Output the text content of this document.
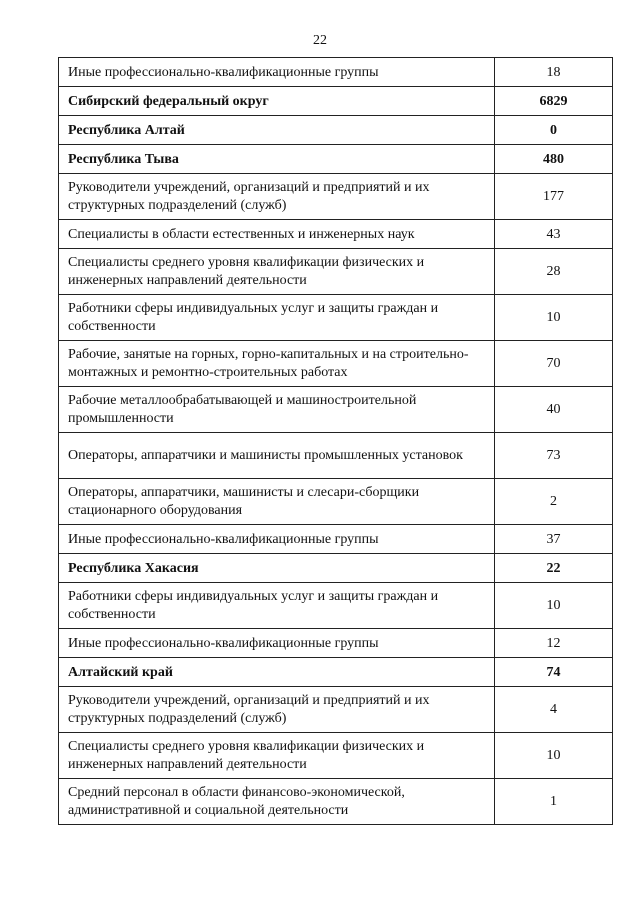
22
Иные профессионально-квалификационные группы	18
Сибирский федеральный округ	6829
Республика Алтай	0
Республика Тыва	480
Руководители учреждений, организаций и предприятий и их структурных подразделений (служб)	177
Специалисты в области естественных и инженерных наук	43
Специалисты среднего уровня квалификации физических и инженерных направлений деятельности	28
Работники сферы индивидуальных услуг и защиты граждан и собственности	10
Рабочие, занятые на горных, горно-капитальных и на строительно-монтажных и ремонтно-строительных работах	70
Рабочие металлообрабатывающей и машиностроительной промышленности	40
Операторы, аппаратчики и машинисты промышленных установок	73
Операторы, аппаратчики, машинисты и слесари-сборщики стационарного оборудования	2
Иные профессионально-квалификационные группы	37
Республика Хакасия	22
Работники сферы индивидуальных услуг и защиты граждан и собственности	10
Иные профессионально-квалификационные группы	12
Алтайский край	74
Руководители учреждений, организаций и предприятий и их структурных подразделений (служб)	4
Специалисты среднего уровня квалификации физических и инженерных направлений деятельности	10
Средний персонал в области финансово-экономической, административной и социальной деятельности	1
